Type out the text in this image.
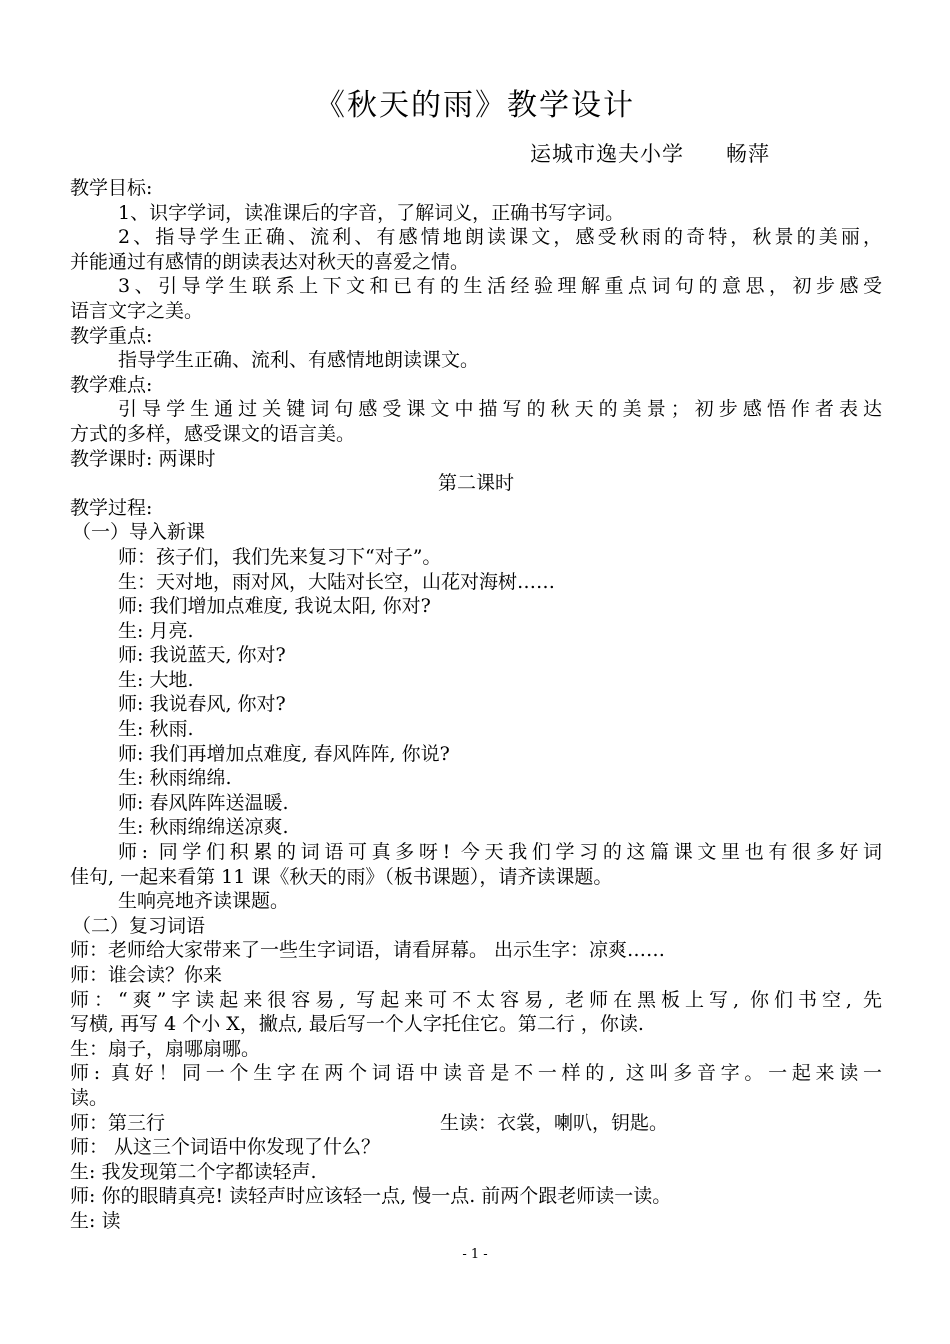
《秋天的雨》教学设计
运城市逸夫小学 畅萍
教学目标:
1、识字学词，读准课后的字音，了解词义，正确书写字词。
2、指导学生正确、流利、有感情地朗读课文，感受秋雨的奇特，秋景的美丽，
并能通过有感情的朗读表达对秋天的喜爱之情。
3、引导学生联系上下文和已有的生活经验理解重点词句的意思，初步感受
语言文字之美。
教学重点:
指导学生正确、流利、有感情地朗读课文。
教学难点:
引导学生通过关键词句感受课文中描写的秋天的美景；初步感悟作者表达
方式的多样，感受课文的语言美。
教学课时: 两课时
第二课时
教学过程:
（一）导入新课
师：孩子们，我们先来复习下“对子”。
生：天对地，雨对风，大陆对长空，山花对海树……
师: 我们增加点难度, 我说太阳, 你对?
生: 月亮.
师: 我说蓝天, 你对?
生: 大地.
师: 我说春风, 你对?
生: 秋雨.
师: 我们再增加点难度, 春风阵阵, 你说?
生: 秋雨绵绵.
师: 春风阵阵送温暖.
生: 秋雨绵绵送凉爽.
师: 同学们积累的词语可真多呀! 今天我们学习的这篇课文里也有很多好词
佳句, 一起来看第 11 课《秋天的雨》（板书课题），请齐读课题。
生响亮地齐读课题。
（二）复习词语
师：老师给大家带来了一些生字词语，请看屏幕。 出示生字：凉爽……
师：谁会读？你来
师：“爽”字读起来很容易, 写起来可不太容易, 老师在黑板上写, 你们书空, 先
写横, 再写 4 个小 X，撇点, 最后写一个人字托住它。第二行 ，你读.
生：扇子，扇哪扇哪。
师: 真好！同一个生字在两个词语中读音是不一样的, 这叫多音字。一起来读一
读。
师：第三行	生读：衣裳，喇叭，钥匙。
师： 从这三个词语中你发现了什么？
生: 我发现第二个字都读轻声.
师: 你的眼睛真亮! 读轻声时应该轻一点, 慢一点. 前两个跟老师读一读。
生: 读
- 1 -
